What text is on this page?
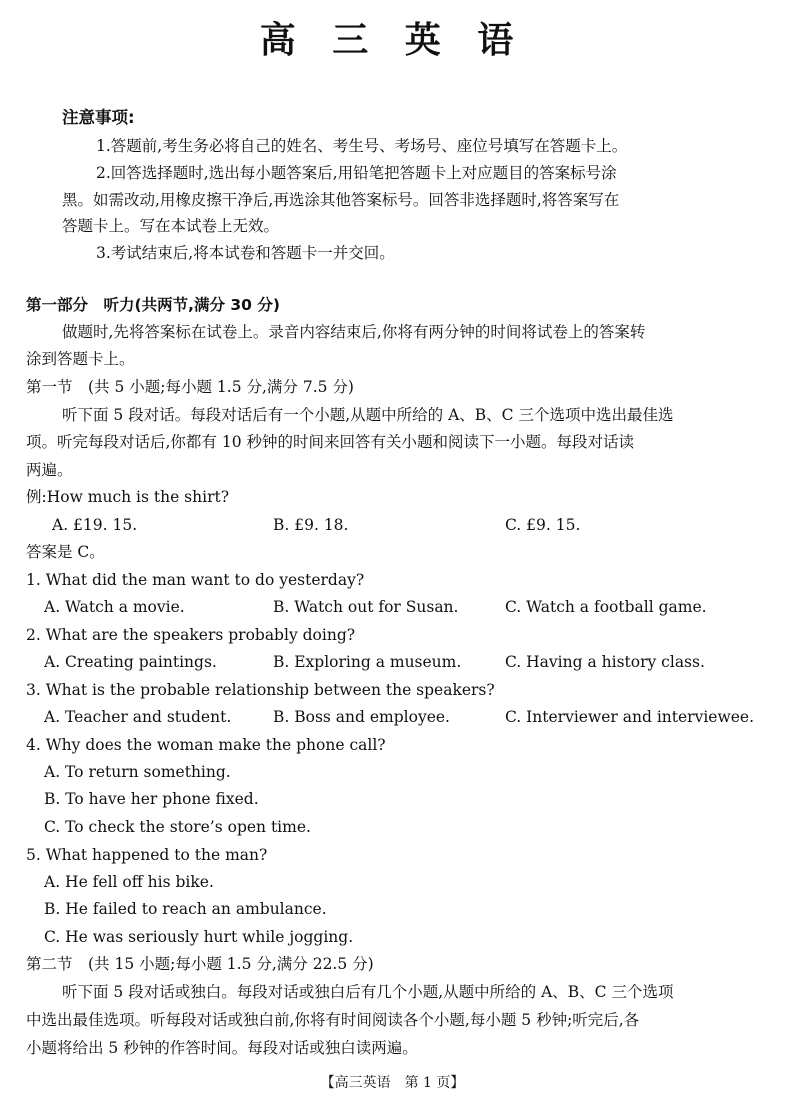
高 三 英 语
注意事项:
1.答题前,考生务必将自己的姓名、考生号、考场号、座位号填写在答题卡上。
2.回答选择题时,选出每小题答案后,用铅笔把答题卡上对应题目的答案标号涂
黑。如需改动,用橡皮擦干净后,再选涂其他答案标号。回答非选择题时,将答案写在
答题卡上。写在本试卷上无效。
3.考试结束后,将本试卷和答题卡一并交回。
第一部分　听力(共两节,满分 30 分)
做题时,先将答案标在试卷上。录音内容结束后,你将有两分钟的时间将试卷上的答案转
涂到答题卡上。
第一节　(共 5 小题;每小题 1.5 分,满分 7.5 分)
听下面 5 段对话。每段对话后有一个小题,从题中所给的 A、B、C 三个选项中选出最佳选
项。听完每段对话后,你都有 10 秒钟的时间来回答有关小题和阅读下一小题。每段对话读
两遍。
例:How much is the shirt?
A. £19. 15.	B. £9. 18.	C. £9. 15.
答案是 C。
1. What did the man want to do yesterday?
A. Watch a movie.	B. Watch out for Susan.	C. Watch a football game.
2. What are the speakers probably doing?
A. Creating paintings.	B. Exploring a museum.	C. Having a history class.
3. What is the probable relationship between the speakers?
A. Teacher and student.	B. Boss and employee.	C. Interviewer and interviewee.
4. Why does the woman make the phone call?
A. To return something.
B. To have her phone fixed.
C. To check the store’s open time.
5. What happened to the man?
A. He fell off his bike.
B. He failed to reach an ambulance.
C. He was seriously hurt while jogging.
第二节　(共 15 小题;每小题 1.5 分,满分 22.5 分)
听下面 5 段对话或独白。每段对话或独白后有几个小题,从题中所给的 A、B、C 三个选项
中选出最佳选项。听每段对话或独白前,你将有时间阅读各个小题,每小题 5 秒钟;听完后,各
小题将给出 5 秒钟的作答时间。每段对话或独白读两遍。
【高三英语　第 1 页】
